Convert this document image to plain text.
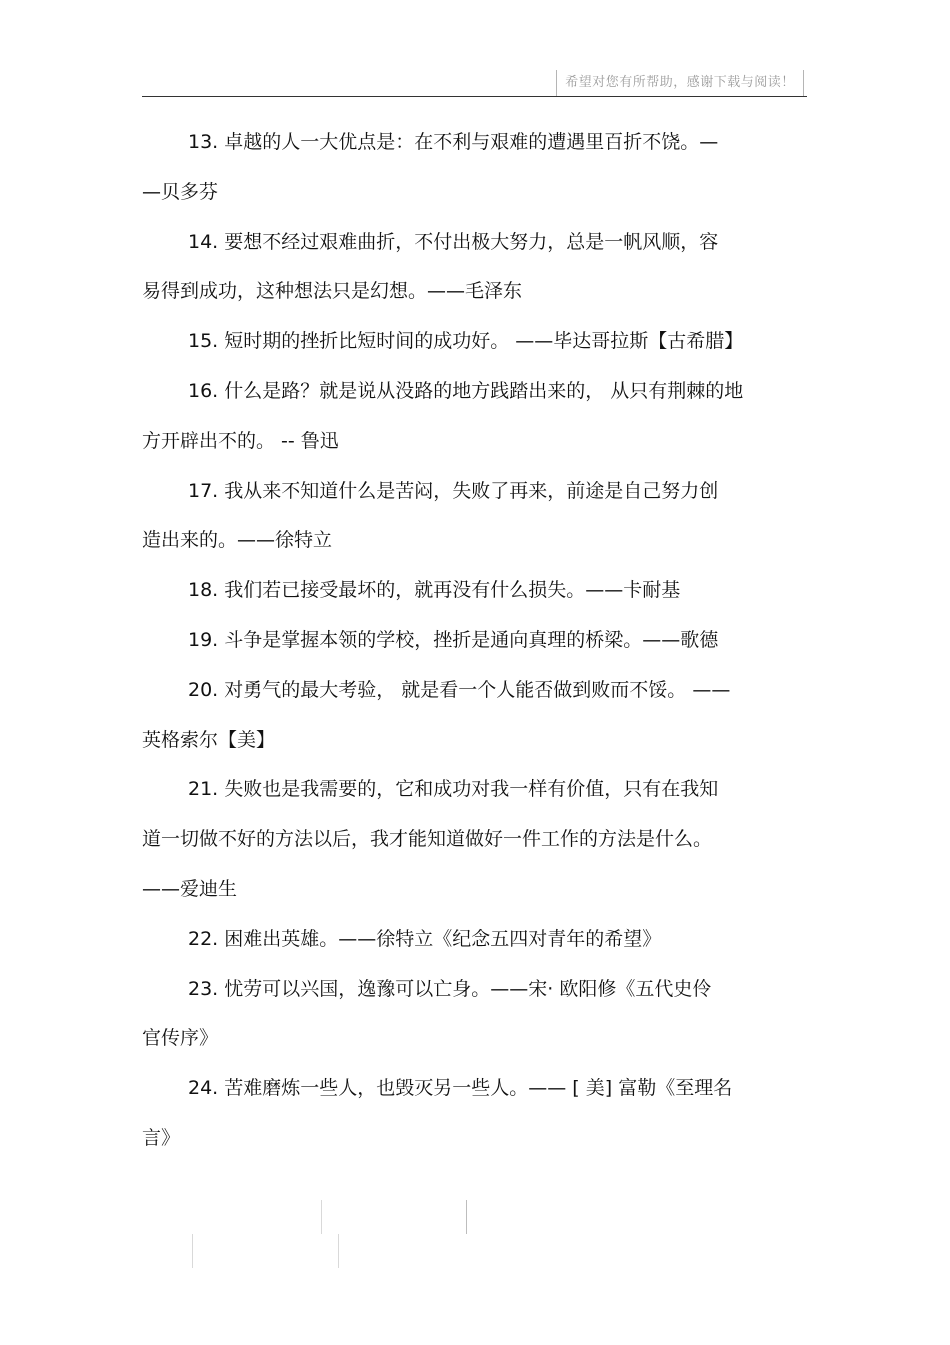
希望对您有所帮助，感谢下载与阅读！

13. 卓越的人一大优点是：在不利与艰难的遭遇里百折不饶。—

—贝多芬

14. 要想不经过艰难曲折，不付出极大努力，总是一帆风顺，容

易得到成功，这种想法只是幻想。——毛泽东

15. 短时期的挫折比短时间的成功好。 ——毕达哥拉斯【古希腊】

16. 什么是路？就是说从没路的地方践踏出来的， 从只有荆棘的地

方开辟出不的。 -- 鲁迅

17. 我从来不知道什么是苦闷，失败了再来，前途是自己努力创

造出来的。——徐特立

18. 我们若已接受最坏的，就再没有什么损失。——卡耐基

19. 斗争是掌握本领的学校，挫折是通向真理的桥梁。——歌德

20. 对勇气的最大考验， 就是看一个人能否做到败而不馁。 ——

英格索尔【美】

21. 失败也是我需要的，它和成功对我一样有价值，只有在我知

道一切做不好的方法以后，我才能知道做好一件工作的方法是什么。

——爱迪生

22. 困难出英雄。——徐特立《纪念五四对青年的希望》

23. 忧劳可以兴国，逸豫可以亡身。——宋· 欧阳修《五代史伶

官传序》

24. 苦难磨炼一些人，也毁灭另一些人。—— [ 美] 富勒《至理名

言》
